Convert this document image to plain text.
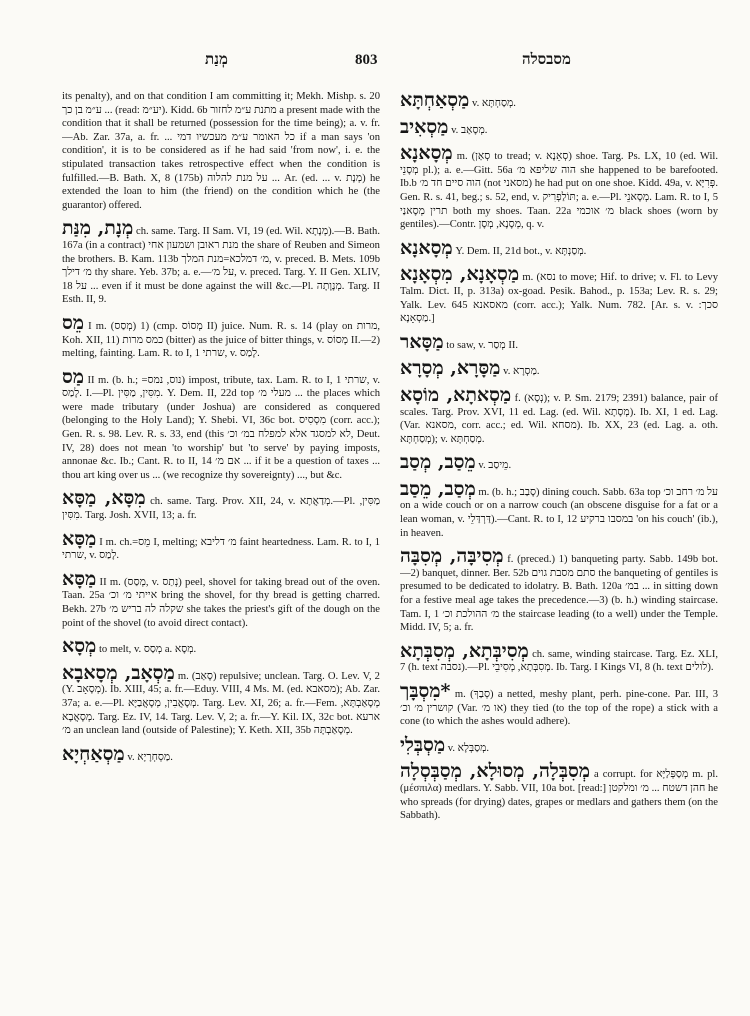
מְנַת	803	מסבסלה

its penalty), and on that condition I am committing it; Mekh. Mishp. s. 20 ע״מ בן כך ... (read: יע״מ). Kidd. 6b מתנת ע״מ לחזור a present made with the condition that it shall be returned (possession for the time being); a. v. fr.—Ab. Zar. 37a, a. fr. ... כל האומר ע״מ מעכשיו דמי if a man says 'on condition', it is to be considered as if he had said 'from now', i. e. the stipulated transaction takes retrospective effect when the condition is fulfilled.—B. Bath. X, 8 (175b) על מנת להלוה ... Ar. (ed. ... v. מְנָת) he extended the loan to him (the friend) on the condition which he (the guarantor) offered.

מְנָת, מִנַּת ch. same. Targ. II Sam. VI, 19 (ed. Wil. מְנָתָא).—B. Bath. 167a (in a contract) מנת ראובן ושמעון אחי the share of Reuben and Simeon the brothers. B. Kam. 113b מ׳ דמלכא=מנת המלך, v. preced. B. Mets. 109b מ׳ דילך thy share. Yeb. 37b; a. e.—על מ׳, v. preced. Targ. Y. II Gen. XLIV, 18 על ... even if it must be done against the will &c.—Pl. מְנָוָתָה. Targ. II Esth. II, 9.

מֵס I m. (מְסַס) 1) (cmp. מְסוֹס II) juice. Num. R. s. 14 (play on מרות, Koh. XII, 11) כמס מרות (bitter) as the juice of bitter things, v. מְסוֹס II.—2) melting, fainting. Lam. R. to I, 1 שרתי, v. לָמַס.

מַס II m. (b. h.; =נוס, נמס) impost, tribute, tax. Lam. R. to I, 1 שרתי, v. לָמַס. I.—Pl. מִסִּין, מַסִּין. Y. Dem. II, 22d top מעלי מ׳ ... the places which were made tributary (under Joshua) are considered as conquered (belonging to the Holy Land); Y. Shebi. VI, 36c bot. מִסְסִיס (corr. acc.); Gen. R. s. 98. Lev. R. s. 33, end (this לא למסגד אלא למפלח במ׳ וכ׳, Deut. IV, 28) does not mean 'to worship' but 'to serve' by paying imposts, annonae &c. Ib.; Cant. R. to II, 14 אם מ׳ ... if it be a question of taxes ... thou art king over us ... (we recognize thy sovereignty) ..., but &c.

מִסָּא, מַסָּא ch. same. Targ. Prov. XII, 24, v. מְדַאֲתָא.—Pl. מַסִּין, מִסִּין. Targ. Josh. XVII, 13; a. fr.

מַסָּא I m. ch.=מֵס I, melting; מ׳ דליבא faint heartedness. Lam. R. to I, 1 שרתי, v. לָמַס.

מַסָּא II m. (מְסַס, v. נְתַס) peel, shovel for taking bread out of the oven. Taan. 25a אייתי מ׳ וכ׳ bring the shovel, for thy bread is getting charred. Bekh. 27b שקלה לה בריש מ׳ she takes the priest's gift of the dough on the point of the shovel (to avoid direct contact).

מְסָא to melt, v. מְסַס a. מְסָא.

מַסְאָב, מְסָאבָא m. (סָאַב) repulsive; unclean. Targ. O. Lev. V, 2 (Y. מְסָאָב). Ib. XIII, 45; a. fr.—Eduy. VIII, 4 Ms. M. (ed. מסאבא); Ab. Zar. 37a; a. e.—Pl. מְסָאֲבִין, מְסָאֲבַיָּא. Targ. Lev. XI, 26; a. fr.—Fem. מְסָאַבְתָּא, מְסָאֲבָא. Targ. Ez. IV, 14. Targ. Lev. V, 2; a. fr.—Y. Kil. IX, 32c bot. ארעא מ׳ an unclean land (outside of Palestine); Y. Keth. XII, 35b מְסָאַבְתָּה.

מַסְאַחְיָא v. מַסְחְרָיָא.

מַסְאַחְתָּא v. מְסַחְתָּא.

מַסְאִיב v. מְסָאַב.

מְסָאנָא m. (סְאַן to tread; v. סְאֵנָא) shoe. Targ. Ps. LX, 10 (ed. Wil. מְסָנֵי pl.); a. e.—Gitt. 56a הוה שליפא מ׳ she happened to be barefooted. Ib.b הוה סיים חד מ׳ (not מסאני) he had put on one shoe. Kidd. 49a, v. פְּרִיָּא. Gen. R. s. 41, beg.; s. 52, end, v. תּוֹלַפְרִיק; a. e.—Pl. מְסָאנֵי. Lam. R. to I, 5 תרין מְסָאנַי both my shoes. Taan. 22a מ׳ אוכמי black shoes (worn by gentiles).—Contr. מְסָנָא, מְסָן, q. v.

מְסָאנָא Y. Dem. II, 21d bot., v. מְסַנְתָּא.

מַסְאָנָא, מִסְאָנָא m. (נסא to move; Hif. to drive; v. Fl. to Levy Talm. Dict. II, p. 313a) ox-goad. Pesik. Bahod., p. 153a; Lev. R. s. 29; Yalk. Lev. 645 מאסאנא (corr. acc.); Yalk. Num. 782. [Ar. s. v. סכך: מַסְאָנָא.]

מַסָּאר to saw, v. מְסַר II.

מַסָּרָא, מְסָרָא v. מַסְרָא.

מַסְאתָא, מוֹסָא f. (נְסָא); v. P. Sm. 2179; 2391) balance, pair of scales. Targ. Prov. XVI, 11 ed. Lag. (ed. Wil. מְסָתָא). Ib. XI, 1 ed. Lag. (Var. מסאנא, corr. acc.; ed. Wil. מסחא). Ib. XX, 23 (ed. Lag. a. oth. מְסַחְתָּא); v. מְסַחְתָּא.

מֵסַב, מְסַב v. מֵיסַב.

מְסַב, מֵסַב m. (b. h.; סָבַב) dining couch. Sabb. 63a top על מ׳ רחב וכ׳ on a wide couch or on a narrow couch (an obscene disguise for a fat or a lean woman, v. דַּרְדַּלֵי).—Cant. R. to I, 12 במסבו ברקיע 'on his couch' (ib.), in heaven.

מְסִיבָּה, מְסִבָּה f. (preced.) 1) banqueting party. Sabb. 149b bot.—2) banquet, dinner. Ber. 52b סתם מסבת גוים the banqueting of gentiles is presumed to be dedicated to idolatry. B. Bath. 120a במ׳ ... in sitting down for a festive meal age takes the precedence.—3) (b. h.) winding staircase. Tam. I, 1 מ׳ ההולכת וכ׳ the staircase leading (to a well) under the Temple. Midd. IV, 5; a. fr.

מְסִיבְּתָא, מְסִבְּתָא ch. same, winding staircase. Targ. Ez. XLI, 7 (h. text נסבה).—Pl. מְסִבְּתָא, מְסִיבֵי. Ib. Targ. I Kings VI, 8 (h. text לולים).

*מִסְבָּך m. (סְבַךְ) a netted, meshy plant, perh. pine-cone. Par. III, 3 קושרין מ׳ וכ׳ (Var. או מ׳) they tied (to the top of the rope) a stick with a cone (to which the ashes would adhere).

מַסְבְּלִי v. מְסַבְּלָא.

מְסִבְּלָה, מְסוּלָא, מְסַבְּסְלָה a corrupt. for מְסַפְּלַיָּא m. pl. (μέσπιλα) medlars. Y. Sabb. VII, 10a bot. [read:] חהן דשטח ... מ׳ ומלקטן he who spreads (for drying) dates, grapes or medlars and gathers them (on the Sabbath).
